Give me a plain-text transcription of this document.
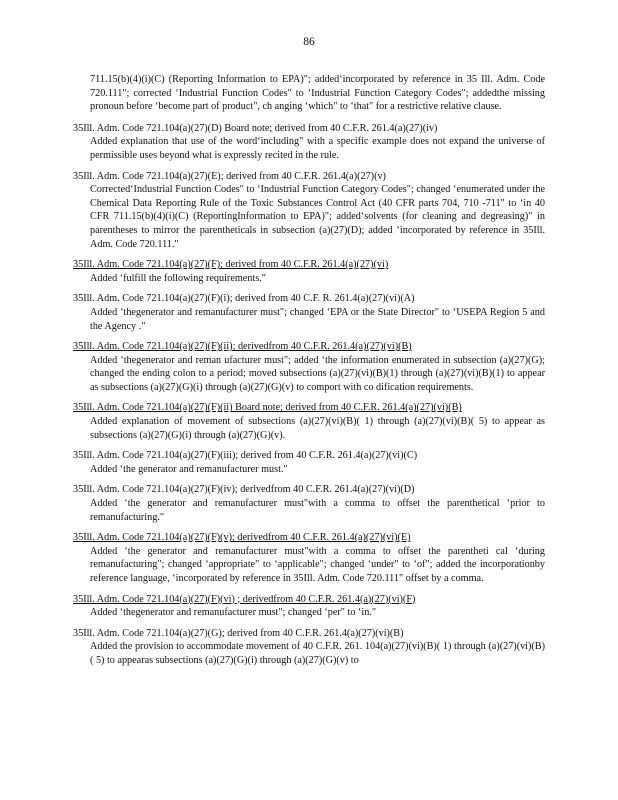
86
711.15(b)(4)(i)(C) (Reporting Information to EPA)"; added‘incorporated by reference in 35 Ill. Adm. Code 720.111"; corrected ‘Industrial Function Codes" to ‘Industrial Function Category Codes"; addedthe missing pronoun before ‘become part of product", ch anging ‘which" to ‘that" for a restrictive relative clause.
35Ill. Adm. Code 721.104(a)(27)(D) Board note; derived from 40 C.F.R. 261.4(a)(27)(iv)
Added explanation that use of the word‘including" with a specific example does not expand the universe of permissible uses beyond what is expressly recited in the rule.
35Ill. Adm. Code 721.104(a)(27)(E); derived from 40 C.F.R. 261.4(a)(27)(v)
Corrected‘Industrial Function Codes" to ‘Industrial Function Category Codes"; changed ‘enumerated under the Chemical Data Reporting Rule of the Toxic Substances Control Act (40 CFR parts 704, 710 -711" to ‘in 40 CFR 711.15(b)(4)(i)(C) (ReportingInformation to EPA)"; added‘solvents (for cleaning and degreasing)" in parentheses to mirror the parentheticals in subsection (a)(27)(D); added ‘incorporated by reference in 35Ill. Adm. Code 720.111."
35Ill. Adm. Code 721.104(a)(27)(F); derived from 40 C.F.R. 261.4(a)(27)(vi)
Added ‘fulfill the following requirements."
35Ill. Adm. Code 721.104(a)(27)(F)(i); derived from 40 C.F. R. 261.4(a)(27)(vi)(A)
Added ‘thegenerator and remanufacturer must"; changed ‘EPA or the State Director" to ‘USEPA Region 5 and the Agency ."
35Ill. Adm. Code 721.104(a)(27)(F)(ii); derivedfrom 40 C.F.R. 261.4(a)(27)(vi)(B)
Added ‘thegenerator and reman ufacturer must"; added ‘the information enumerated in subsection (a)(27)(G); changed the ending colon to a period; moved subsections (a)(27)(vi)(B)(1) through (a)(27)(vi)(B)(1) to appear as subsections (a)(27)(G)(i) through (a)(27)(G)(v) to comport with co dification requirements.
35Ill. Adm. Code 721.104(a)(27)(F)(ii) Board note; derived from 40 C.F.R. 261.4(a)(27)(vi)(B)
Added explanation of movement of subsections (a)(27)(vi)(B)( 1) through (a)(27)(vi)(B)( 5) to appear as subsections (a)(27)(G)(i) through (a)(27)(G)(v).
35Ill. Adm. Code 721.104(a)(27)(F)(iii); derived from 40 C.F.R. 261.4(a)(27)(vi)(C)
Added ‘the generator and remanufacturer must."
35Ill. Adm. Code 721.104(a)(27)(F)(iv); derivedfrom 40 C.F.R. 261.4(a)(27)(vi)(D)
Added ‘the generator and remanufacturer must"with a comma to offset the parenthetical ‘prior to remanufacturing."
35Ill. Adm. Code 721.104(a)(27)(F)(v); derivedfrom 40 C.F.R. 261.4(a)(27)(vi)(E)
Added ‘the generator and remanufacturer must"with a comma to offset the parentheti cal ‘during remanufacturing"; changed ‘appropriate" to ‘applicable"; changed ‘under" to ‘of"; added the incorporationby reference language, ‘incorporated by reference in 35Ill. Adm. Code 720.111" offset by a comma.
35Ill. Adm. Code 721.104(a)(27)(F)(vi) ; derivedfrom 40 C.F.R. 261.4(a)(27)(vi)(F)
Added ‘thegenerator and remanufacturer must"; changed ‘per" to ‘in."
35Ill. Adm. Code 721.104(a)(27)(G); derived from 40 C.F.R. 261.4(a)(27)(vi)(B)
Added the provision to accommodate movement of 40 C.F.R. 261. 104(a)(27)(vi)(B)( 1) through (a)(27)(vi)(B)( 5) to appearas subsections (a)(27)(G)(i) through (a)(27)(G)(v) to
